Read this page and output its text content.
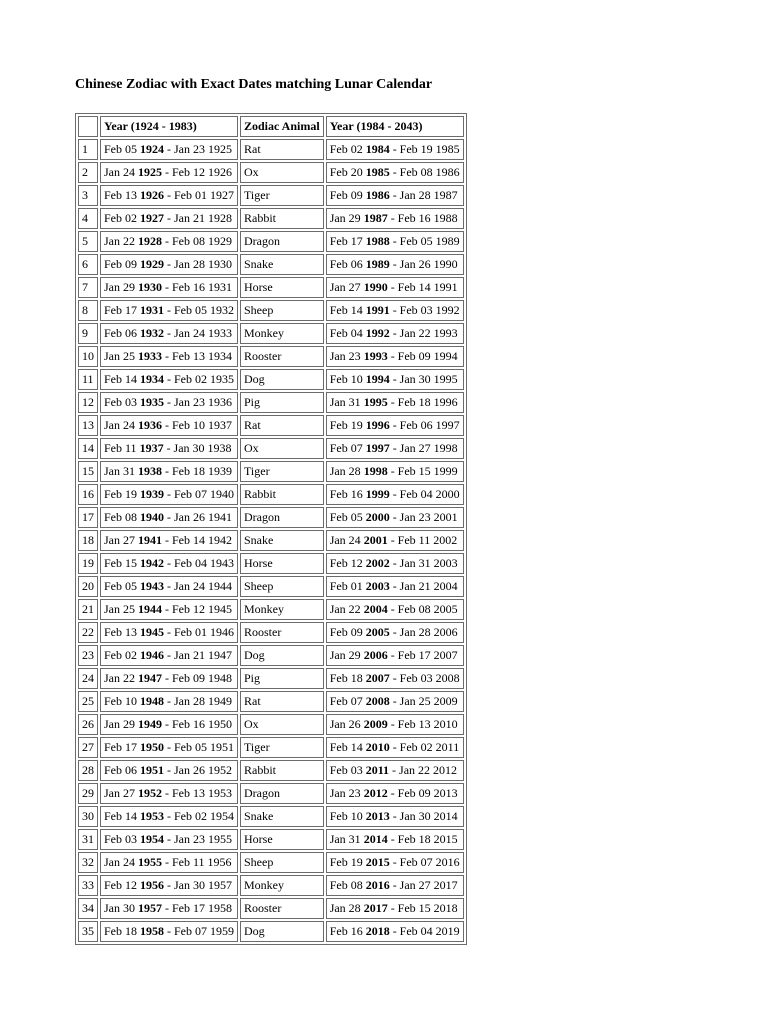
Chinese Zodiac with Exact Dates matching Lunar Calendar
	Year (1924 - 1983)	Zodiac Animal	Year (1984 - 2043)
1	Feb 05 1924 - Jan 23 1925	Rat	Feb 02 1984 - Feb 19 1985
2	Jan 24 1925 - Feb 12 1926	Ox	Feb 20 1985 - Feb 08 1986
3	Feb 13 1926 - Feb 01 1927	Tiger	Feb 09 1986 - Jan 28 1987
4	Feb 02 1927 - Jan 21 1928	Rabbit	Jan 29 1987 - Feb 16 1988
5	Jan 22 1928 - Feb 08 1929	Dragon	Feb 17 1988 - Feb 05 1989
6	Feb 09 1929 - Jan 28 1930	Snake	Feb 06 1989 - Jan 26 1990
7	Jan 29 1930 - Feb 16 1931	Horse	Jan 27 1990 - Feb 14 1991
8	Feb 17 1931 - Feb 05 1932	Sheep	Feb 14 1991 - Feb 03 1992
9	Feb 06 1932 - Jan 24 1933	Monkey	Feb 04 1992 - Jan 22 1993
10	Jan 25 1933 - Feb 13 1934	Rooster	Jan 23 1993 - Feb 09 1994
11	Feb 14 1934 - Feb 02 1935	Dog	Feb 10 1994 - Jan 30 1995
12	Feb 03 1935 - Jan 23 1936	Pig	Jan 31 1995 - Feb 18 1996
13	Jan 24 1936 - Feb 10 1937	Rat	Feb 19 1996 - Feb 06 1997
14	Feb 11 1937 - Jan 30 1938	Ox	Feb 07 1997 - Jan 27 1998
15	Jan 31 1938 - Feb 18 1939	Tiger	Jan 28 1998 - Feb 15 1999
16	Feb 19 1939 - Feb 07 1940	Rabbit	Feb 16 1999 - Feb 04 2000
17	Feb 08 1940 - Jan 26 1941	Dragon	Feb 05 2000 - Jan 23 2001
18	Jan 27 1941 - Feb 14 1942	Snake	Jan 24 2001 - Feb 11 2002
19	Feb 15 1942 - Feb 04 1943	Horse	Feb 12 2002 - Jan 31 2003
20	Feb 05 1943 - Jan 24 1944	Sheep	Feb 01 2003 - Jan 21 2004
21	Jan 25 1944 - Feb 12 1945	Monkey	Jan 22 2004 - Feb 08 2005
22	Feb 13 1945 - Feb 01 1946	Rooster	Feb 09 2005 - Jan 28 2006
23	Feb 02 1946 - Jan 21 1947	Dog	Jan 29 2006 - Feb 17 2007
24	Jan 22 1947 - Feb 09 1948	Pig	Feb 18 2007 - Feb 03 2008
25	Feb 10 1948 - Jan 28 1949	Rat	Feb 07 2008 - Jan 25 2009
26	Jan 29 1949 - Feb 16 1950	Ox	Jan 26 2009 - Feb 13 2010
27	Feb 17 1950 - Feb 05 1951	Tiger	Feb 14 2010 - Feb 02 2011
28	Feb 06 1951 - Jan 26 1952	Rabbit	Feb 03 2011 - Jan 22 2012
29	Jan 27 1952 - Feb 13 1953	Dragon	Jan 23 2012 - Feb 09 2013
30	Feb 14 1953 - Feb 02 1954	Snake	Feb 10 2013 - Jan 30 2014
31	Feb 03 1954 - Jan 23 1955	Horse	Jan 31 2014 - Feb 18 2015
32	Jan 24 1955 - Feb 11 1956	Sheep	Feb 19 2015 - Feb 07 2016
33	Feb 12 1956 - Jan 30 1957	Monkey	Feb 08 2016 - Jan 27 2017
34	Jan 30 1957 - Feb 17 1958	Rooster	Jan 28 2017 - Feb 15 2018
35	Feb 18 1958 - Feb 07 1959	Dog	Feb 16 2018 - Feb 04 2019
